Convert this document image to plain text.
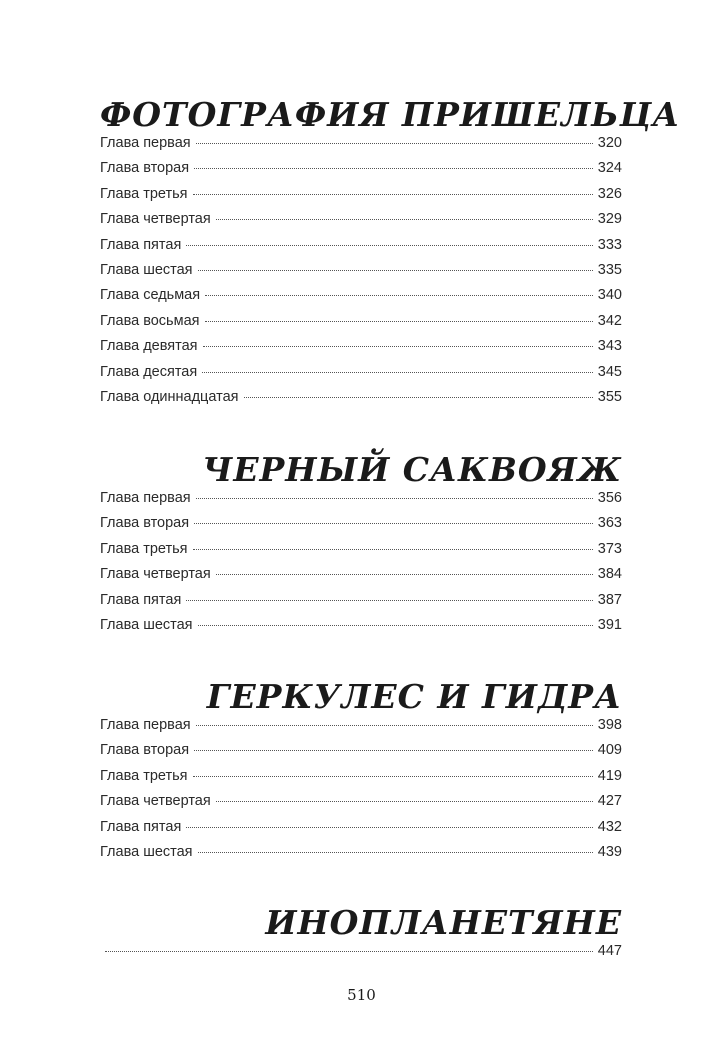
ФОТОГРАФИЯ ПРИШЕЛЬЦА
Глава первая	320
Глава вторая	324
Глава третья	326
Глава четвертая	329
Глава пятая	333
Глава шестая	335
Глава седьмая	340
Глава восьмая	342
Глава девятая	343
Глава десятая	345
Глава одиннадцатая	355
ЧЕРНЫЙ САКВОЯЖ
Глава первая	356
Глава вторая	363
Глава третья	373
Глава четвертая	384
Глава пятая	387
Глава шестая	391
ГЕРКУЛЕС И ГИДРА
Глава первая	398
Глава вторая	409
Глава третья	419
Глава четвертая	427
Глава пятая	432
Глава шестая	439
ИНОПЛАНЕТЯНЕ
447
510
